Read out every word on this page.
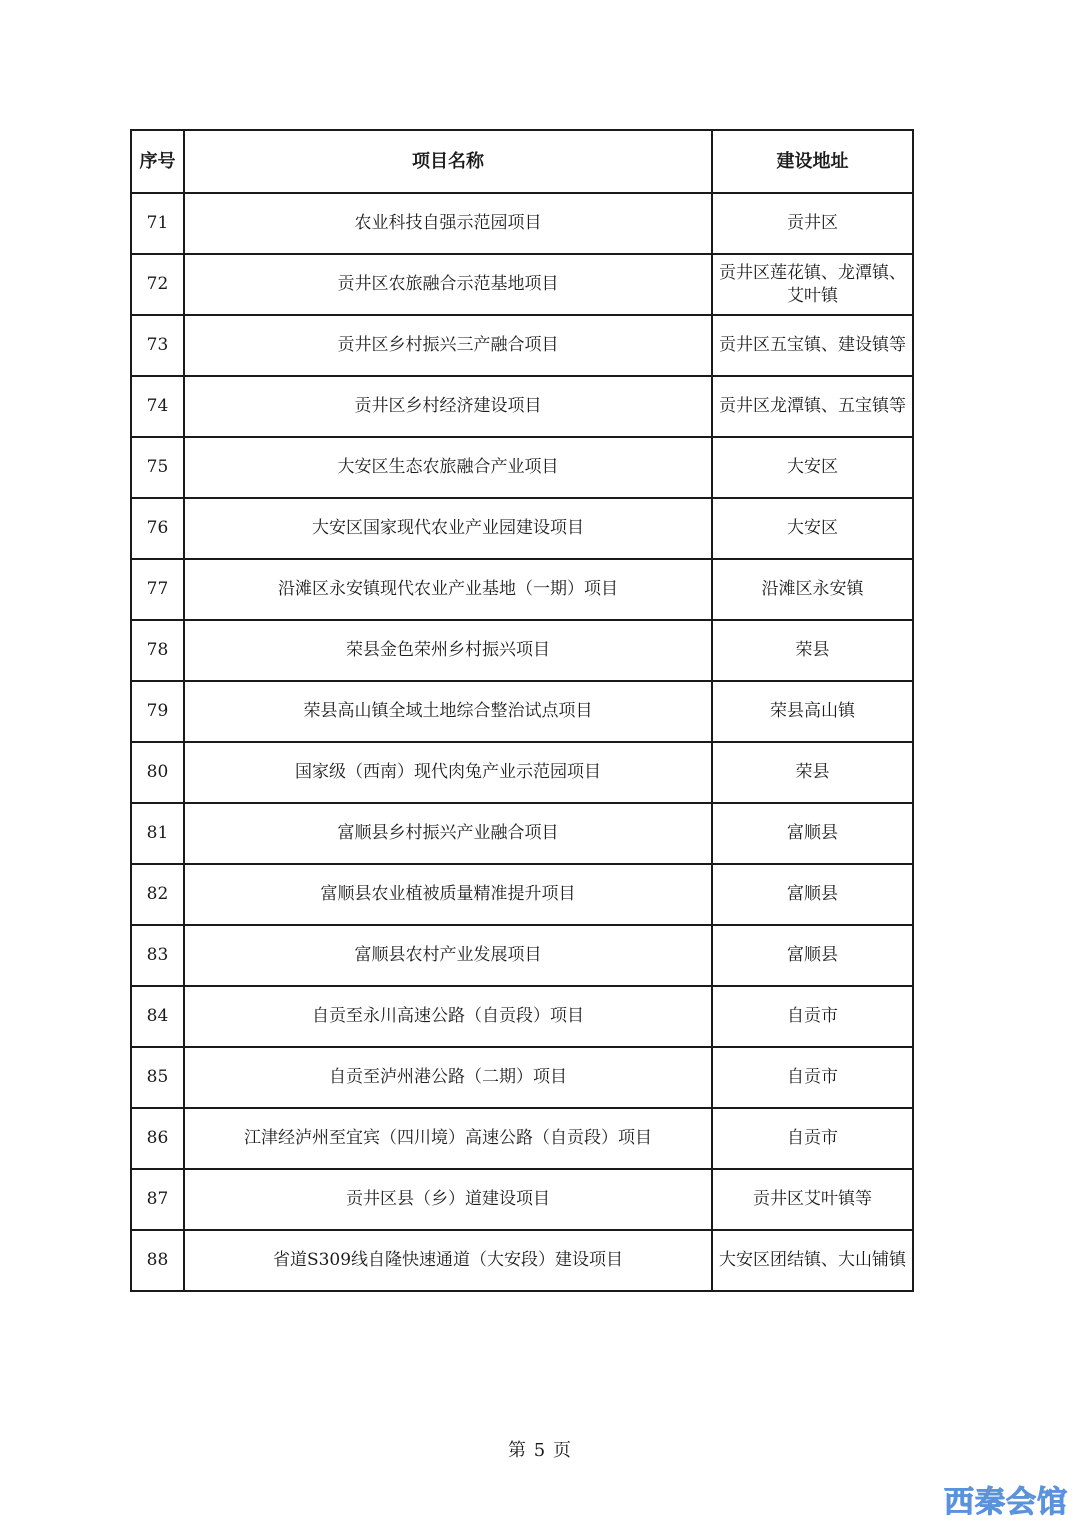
序号	项目名称	建设地址
71	农业科技自强示范园项目	贡井区
72	贡井区农旅融合示范基地项目	贡井区莲花镇、龙潭镇、艾叶镇
73	贡井区乡村振兴三产融合项目	贡井区五宝镇、建设镇等
74	贡井区乡村经济建设项目	贡井区龙潭镇、五宝镇等
75	大安区生态农旅融合产业项目	大安区
76	大安区国家现代农业产业园建设项目	大安区
77	沿滩区永安镇现代农业产业基地（一期）项目	沿滩区永安镇
78	荣县金色荣州乡村振兴项目	荣县
79	荣县高山镇全域土地综合整治试点项目	荣县高山镇
80	国家级（西南）现代肉兔产业示范园项目	荣县
81	富顺县乡村振兴产业融合项目	富顺县
82	富顺县农业植被质量精准提升项目	富顺县
83	富顺县农村产业发展项目	富顺县
84	自贡至永川高速公路（自贡段）项目	自贡市
85	自贡至泸州港公路（二期）项目	自贡市
86	江津经泸州至宜宾（四川境）高速公路（自贡段）项目	自贡市
87	贡井区县（乡）道建设项目	贡井区艾叶镇等
88	省道S309线自隆快速通道（大安段）建设项目	大安区团结镇、大山铺镇
第 5 页
西秦会馆
